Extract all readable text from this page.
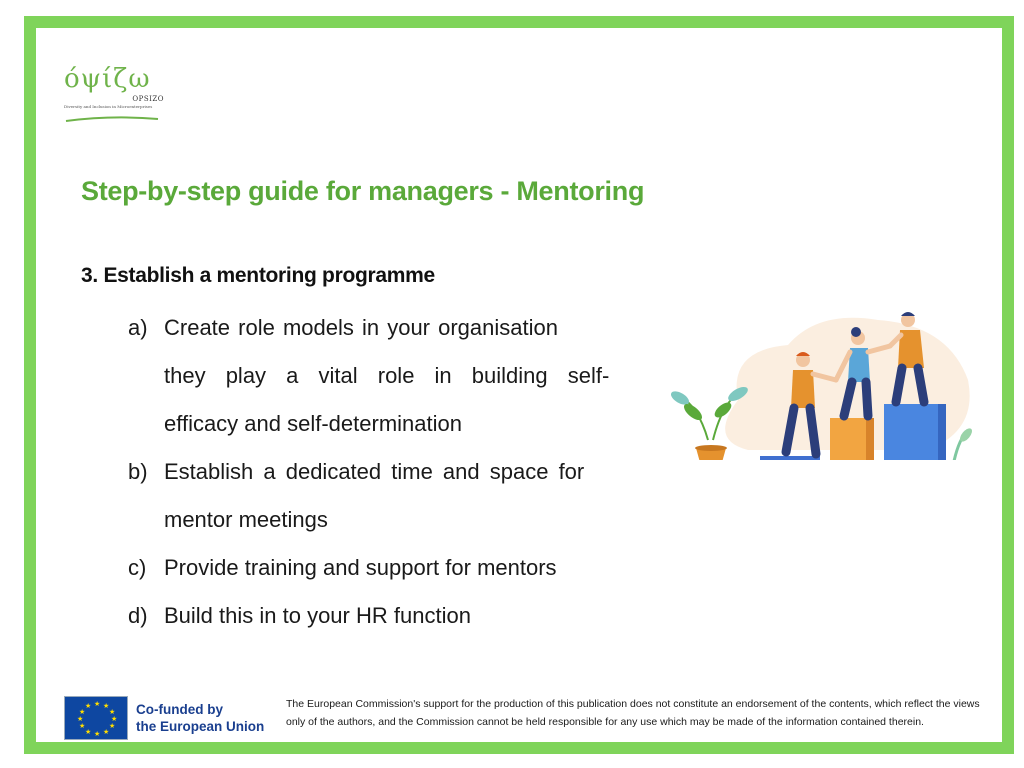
όψίζω
OPSIZO
Diversity and Inclusion in Microenterprises
Step-by-step guide for managers - Mentoring
3. Establish a mentoring programme
a) Create role models in your organisation
they play a vital role in building self-
efficacy and self-determination
b) Establish a dedicated time and space for
mentor meetings
c) Provide training and support for mentors
d) Build this in to your HR function
★ ★
★
★
★
★
★
★
★
★
★
★	Co-funded by
the European Union
The European Commission's support for the production of this publication does not constitute an endorsement of the contents, which reflect the views only of the authors, and the Commission cannot be held responsible for any use which may be made of the information contained therein.
